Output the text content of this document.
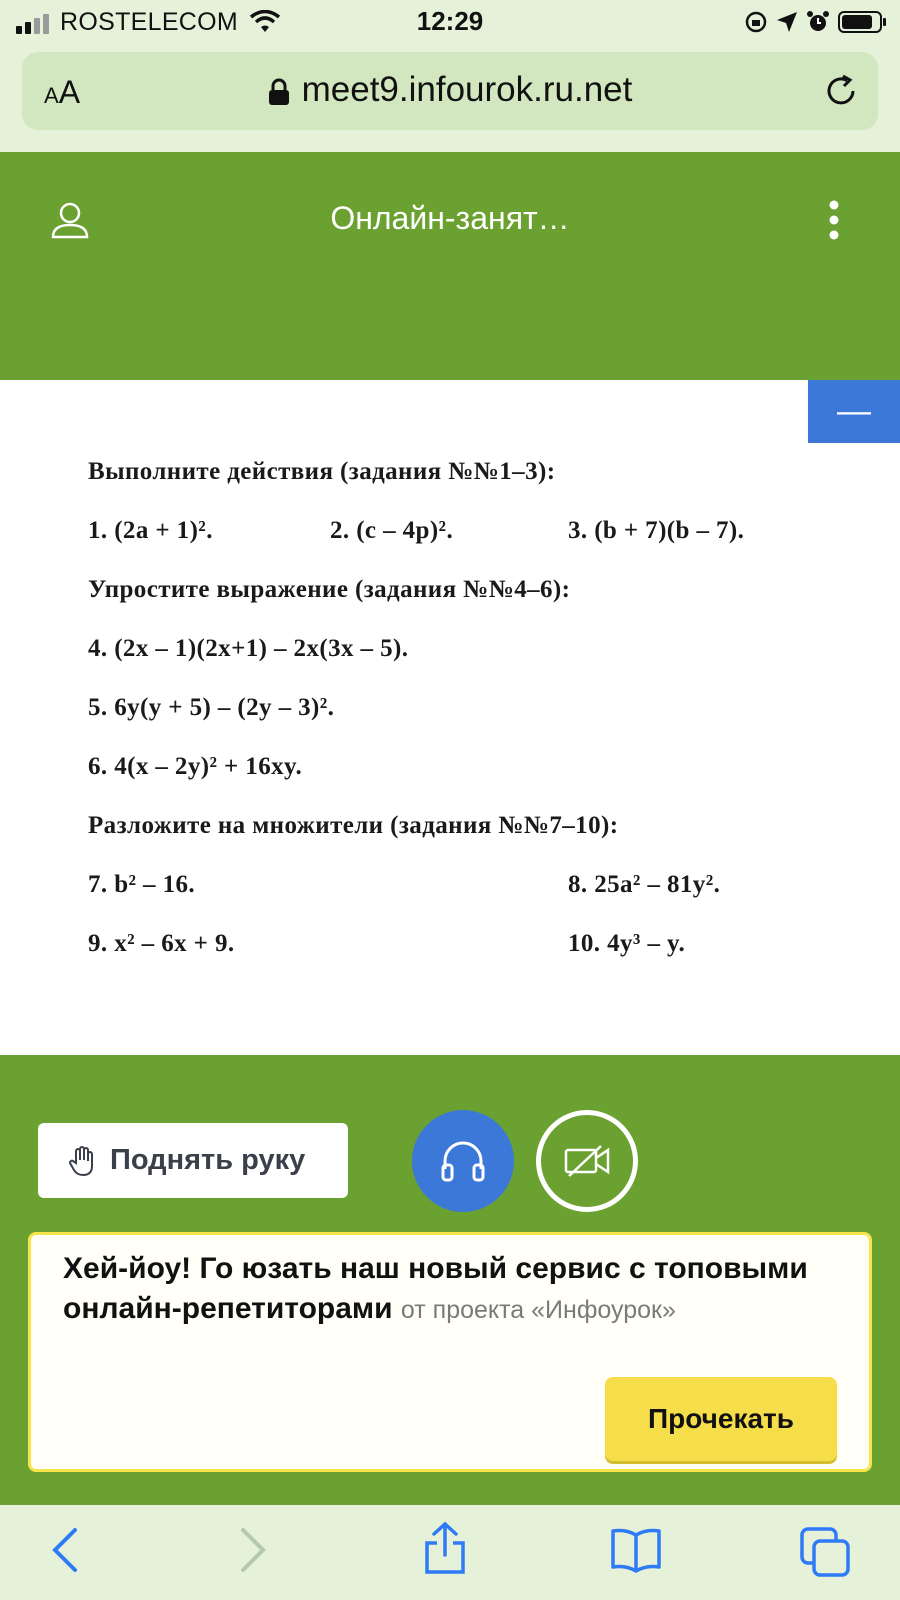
ROSTELECOM	12:29
AA	meet9.infourok.ru.net
Онлайн-занят…
—
Выполните действия (задания №№1–3):
1. (2a + 1)².	2. (c – 4p)².	3. (b + 7)(b – 7).
Упростите выражение (задания №№4–6):
4. (2x – 1)(2x+1) – 2x(3x – 5).
5. 6y(y + 5) – (2y – 3)².
6. 4(x – 2y)² + 16xy.
Разложите на множители (задания №№7–10):
7. b² – 16.	8. 25a² – 81y².
9. x² – 6x + 9.	10. 4y³ – y.
Поднять руку
Хей-йоу! Го юзать наш новый сервис с топовыми онлайн-репетиторами от проекта «Инфоурок»
Прочекать
